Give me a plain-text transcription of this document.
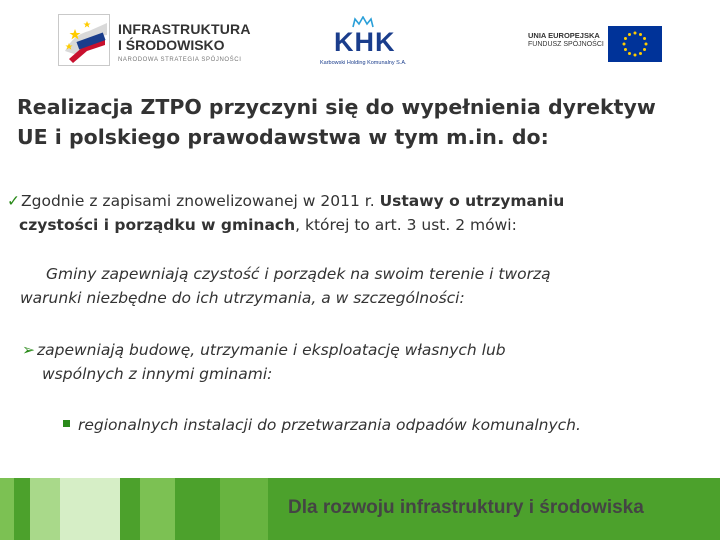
INFRASTRUKTURA
I ŚRODOWISKO
NARODOWA STRATEGIA SPÓJNOŚCI
KHK
Karbowski Holding Komunalny S.A.
UNIA EUROPEJSKA
FUNDUSZ SPÓJNOŚCI
Realizacja ZTPO przyczyni się do wypełnienia dyrektyw
UE i polskiego prawodawstwa w tym m.in. do:
✓Zgodnie z zapisami znowelizowanej w 2011 r. Ustawy o utrzymaniu
czystości i porządku w gminach, której to art. 3 ust. 2 mówi:
Gminy zapewniają czystość i porządek na swoim terenie i tworzą
warunki niezbędne do ich utrzymania, a w szczególności:
➢ zapewniają budowę, utrzymanie i eksploatację własnych lub
wspólnych z innymi gminami:
regionalnych instalacji do przetwarzania odpadów komunalnych.
Dla rozwoju infrastruktury i środowiska
